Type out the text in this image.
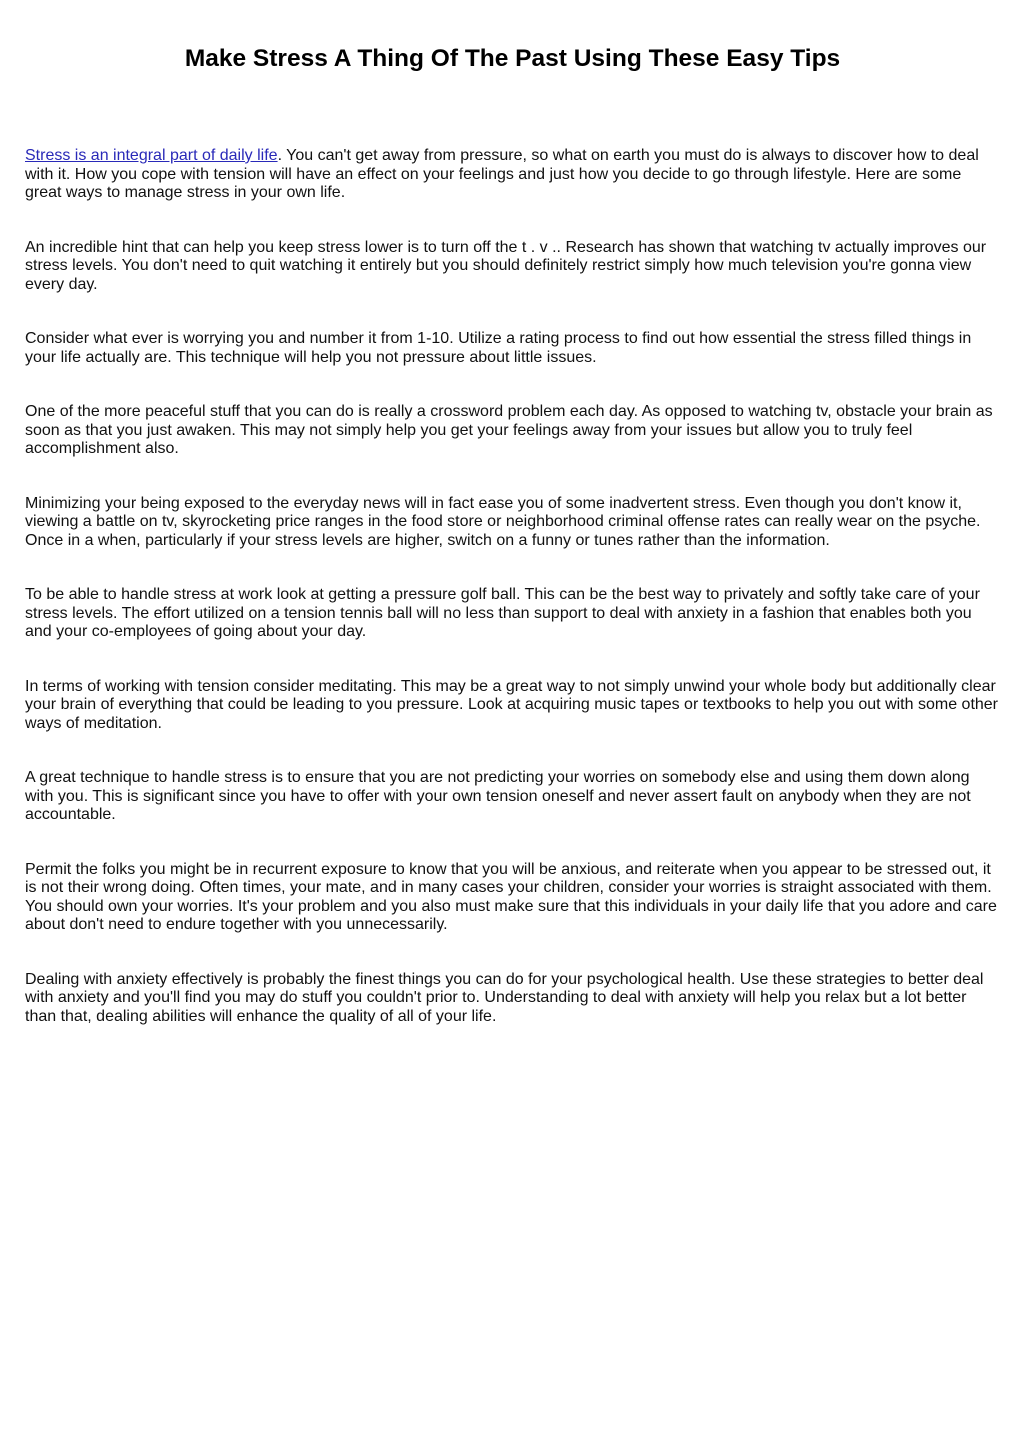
Make Stress A Thing Of The Past Using These Easy Tips

Stress is an integral part of daily life. You can't get away from pressure, so what on earth you must do is always to discover how to deal with it. How you cope with tension will have an effect on your feelings and just how you decide to go through lifestyle. Here are some great ways to manage stress in your own life.

An incredible hint that can help you keep stress lower is to turn off the t . v .. Research has shown that watching tv actually improves our stress levels. You don't need to quit watching it entirely but you should definitely restrict simply how much television you're gonna view every day.

Consider what ever is worrying you and number it from 1-10. Utilize a rating process to find out how essential the stress filled things in your life actually are. This technique will help you not pressure about little issues.

One of the more peaceful stuff that you can do is really a crossword problem each day. As opposed to watching tv, obstacle your brain as soon as that you just awaken. This may not simply help you get your feelings away from your issues but allow you to truly feel accomplishment also.

Minimizing your being exposed to the everyday news will in fact ease you of some inadvertent stress. Even though you don't know it, viewing a battle on tv, skyrocketing price ranges in the food store or neighborhood criminal offense rates can really wear on the psyche. Once in a when, particularly if your stress levels are higher, switch on a funny or tunes rather than the information.

To be able to handle stress at work look at getting a pressure golf ball. This can be the best way to privately and softly take care of your stress levels. The effort utilized on a tension tennis ball will no less than support to deal with anxiety in a fashion that enables both you and your co-employees of going about your day.

In terms of working with tension consider meditating. This may be a great way to not simply unwind your whole body but additionally clear your brain of everything that could be leading to you pressure. Look at acquiring music tapes or textbooks to help you out with some other ways of meditation.

A great technique to handle stress is to ensure that you are not predicting your worries on somebody else and using them down along with you. This is significant since you have to offer with your own tension oneself and never assert fault on anybody when they are not accountable.

Permit the folks you might be in recurrent exposure to know that you will be anxious, and reiterate when you appear to be stressed out, it is not their wrong doing. Often times, your mate, and in many cases your children, consider your worries is straight associated with them. You should own your worries. It's your problem and you also must make sure that this individuals in your daily life that you adore and care about don't need to endure together with you unnecessarily.

Dealing with anxiety effectively is probably the finest things you can do for your psychological health. Use these strategies to better deal with anxiety and you'll find you may do stuff you couldn't prior to. Understanding to deal with anxiety will help you relax but a lot better than that, dealing abilities will enhance the quality of all of your life.
